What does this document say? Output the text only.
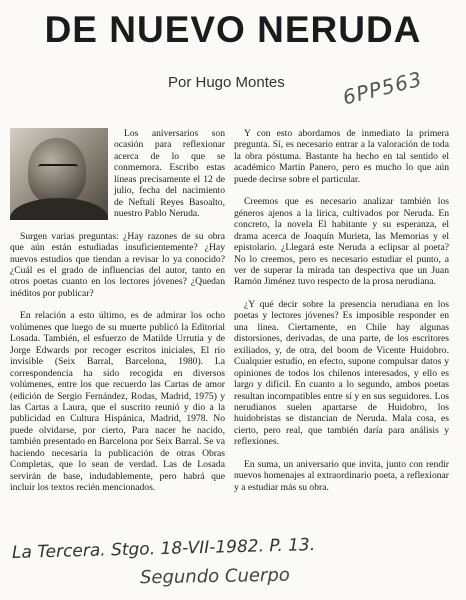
DE NUEVO NERUDA
Por Hugo Montes	6PP563

Los aniversarios son ocasión para reflexionar acerca de lo que se conmemora. Escribo estas líneas precisamente el 12 de julio, fecha del nacimiento de Neftalí Reyes Basoalto, nuestro Pablo Neruda.

Surgen varias preguntas: ¿Hay razones de su obra que aún están estudiadas insuficientemente? ¿Hay nuevos estudios que tiendan a revisar lo ya conocido? ¿Cuál es el grado de influencias del autor, tanto en otros poetas cuanto en los lectores jóvenes? ¿Quedan inéditos por publicar?

En relación a esto último, es de admirar los ocho volúmenes que luego de su muerte publicó la Editorial Losada. También, el esfuerzo de Matilde Urrutia y de Jorge Edwards por recoger escritos iniciales, El río invisible (Seix Barral, Barcelona, 1980). La correspondencia ha sido recogida en diversos volúmenes, entre los que recuerdo las Cartas de amor (edición de Sergio Fernández, Rodas, Madrid, 1975) y las Cartas a Laura, que el suscrito reunió y dio a la publicidad en Cultura Hispánica, Madrid, 1978. No puede olvidarse, por cierto, Para nacer he nacido, también presentado en Barcelona por Seix Barral. Se va haciendo necesaria la publicación de otras Obras Completas, que lo sean de verdad. Las de Losada servirán de base, indudablemente, pero habrá que incluir los textos recién mencionados.

Y con esto abordamos de inmediato la primera pregunta. Sí, es necesario entrar a la valoración de toda la obra póstuma. Bastante ha hecho en tal sentido el académico Martín Panero, pero es mucho lo que aún puede decirse sobre el particular.

Creemos que es necesario analizar también los géneros ajenos a la lírica, cultivados por Neruda. En concreto, la novela El habitante y su esperanza, el drama acerca de Joaquín Murieta, las Memorias y el epistolario. ¿Llegará este Neruda a eclipsar al poeta? No lo creemos, pero es necesario estudiar el punto, a ver de superar la mirada tan despectiva que un Juan Ramón Jiménez tuvo respecto de la prosa nerudiana.

¿Y qué decir sobre la presencia nerudiana en los poetas y lectores jóvenes? Es imposible responder en una línea. Ciertamente, en Chile hay algunas distorsiones, derivadas, de una parte, de los escritores exiliados, y, de otra, del boom de Vicente Huidobro. Cualquier estudio, en efecto, supone compulsar datos y opiniones de todos los chilenos interesados, y ello es largo y difícil. En cuanto a lo segundo, ambos poetas resultan incompatibles entre sí y en sus seguidores. Los nerudianos suelen apartarse de Huidobro, los huidobristas se distancian de Neruda. Mala cosa, es cierto, pero real, que también daría para análisis y reflexiones.

En suma, un aniversario que invita, junto con rendir nuevos homenajes al extraordinario poeta, a reflexionar y a estudiar más su obra.

La Tercera. Stgo. 18-VII-1982. P. 13.
Segundo Cuerpo
